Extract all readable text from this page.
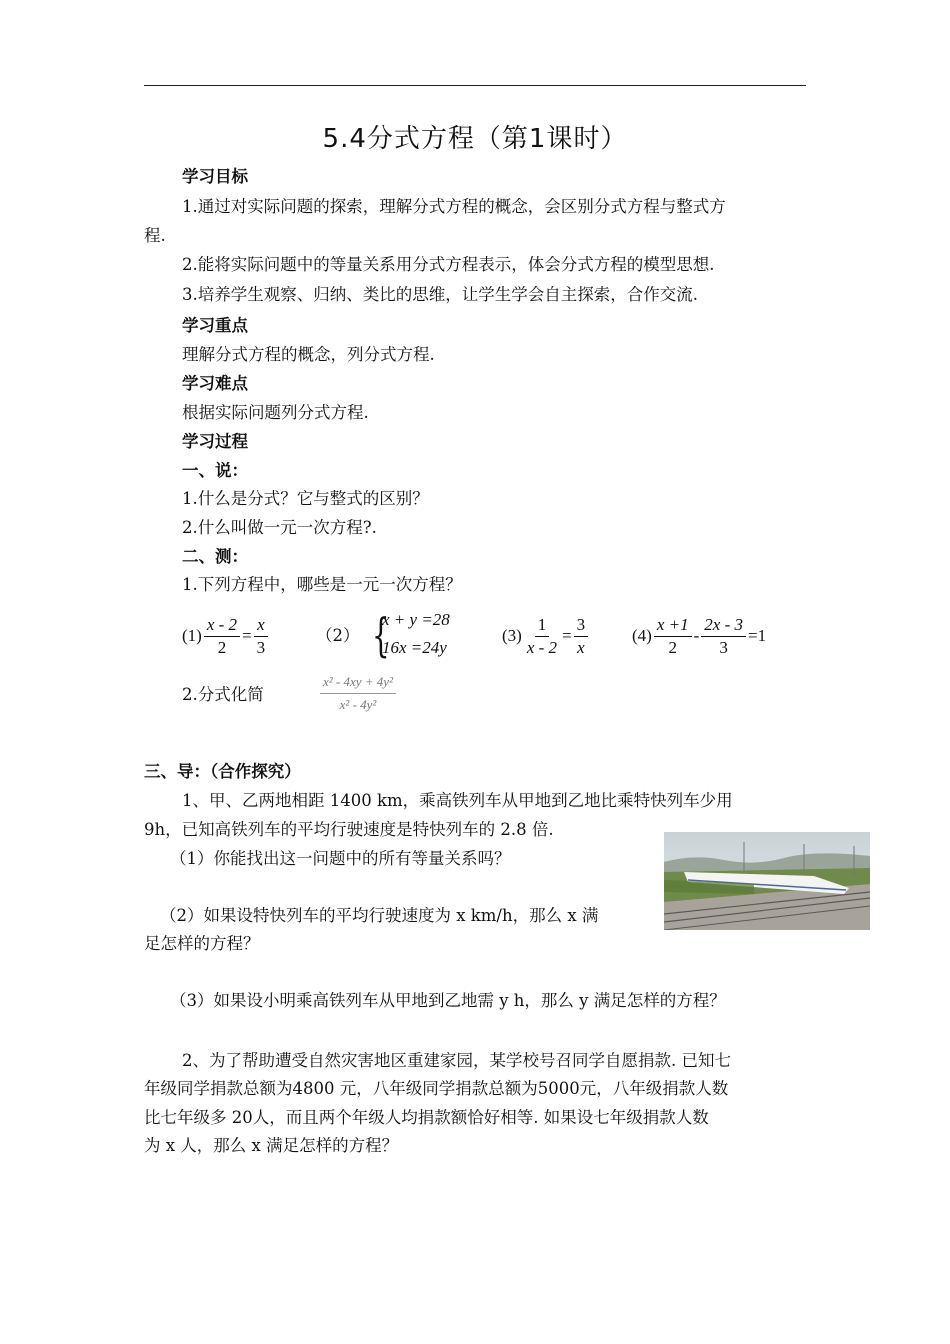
5.4分式方程（第1课时）
学习目标
1.通过对实际问题的探索，理解分式方程的概念，会区别分式方程与整式方
程.
2.能将实际问题中的等量关系用分式方程表示，体会分式方程的模型思想.
3.培养学生观察、归纳、类比的思维，让学生学会自主探索，合作交流.
学习重点
理解分式方程的概念，列分式方程.
学习难点
根据实际问题列分式方程.
学习过程
一、说：
1.什么是分式？它与整式的区别？
2.什么叫做一元一次方程?.
二、测：
1.下列方程中，哪些是一元一次方程？
$(1) \frac{x - 2}{2} = \frac{x}{3}$	（2） {
x + y =28
16x =24y
$(3) \frac{1}{x - 2} = \frac{3}{x}$	$(4) \frac{x +1}{2} - \frac{2x - 3}{3} =1$
2.分式化简	$\frac{\text{x² - 4xy + 4y²}}{\text{x² - 4y²}}$
三、导：（合作探究）
1、甲、乙两地相距 1400 km，乘高铁列车从甲地到乙地比乘特快列车少用
9h，已知高铁列车的平均行驶速度是特快列车的 2.8 倍.
（1）你能找出这一问题中的所有等量关系吗？
（2）如果设特快列车的平均行驶速度为 x km/h，那么 x 满
足怎样的方程？
（3）如果设小明乘高铁列车从甲地到乙地需 y h，那么 y 满足怎样的方程？
2、为了帮助遭受自然灾害地区重建家园，某学校号召同学自愿捐款. 已知七
年级同学捐款总额为4800 元，八年级同学捐款总额为5000元，八年级捐款人数
比七年级多 20人，而且两个年级人均捐款额恰好相等. 如果设七年级捐款人数
为 x 人，那么 x 满足怎样的方程？
